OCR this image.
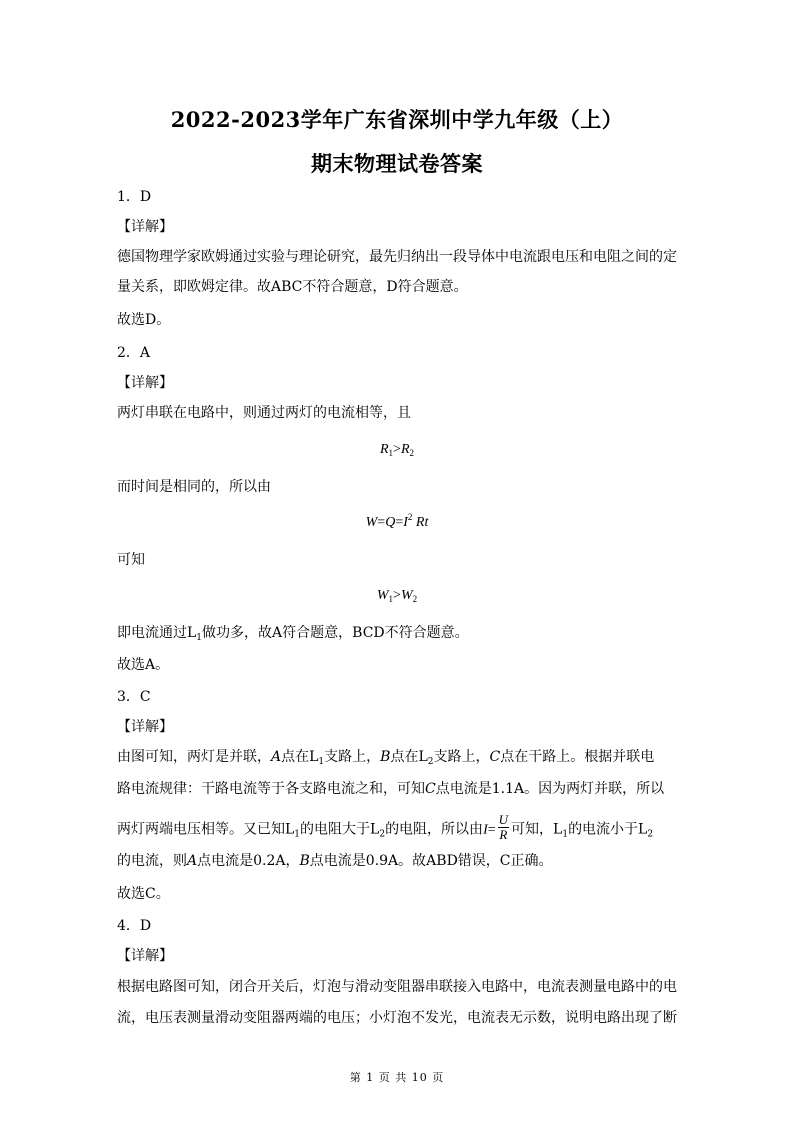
2022-2023学年广东省深圳中学九年级（上）
期末物理试卷答案
1．D
【详解】
德国物理学家欧姆通过实验与理论研究，最先归纳出一段导体中电流跟电压和电阻之间的定
量关系，即欧姆定律。故ABC不符合题意，D符合题意。
故选D。
2．A
【详解】
两灯串联在电路中，则通过两灯的电流相等，且
$R_1>R_2$
而时间是相同的，所以由
$W=Q=I^2$ Rt
可知
$W_1>W_2$
即电流通过$L_1$做功多，故A符合题意，BCD不符合题意。
故选A。
3．C
【详解】
由图可知，两灯是并联，A点在$L_1$支路上，B点在$L_2$支路上，C点在干路上。根据并联电
路电流规律：干路电流等于各支路电流之和，可知C点电流是1.1A。因为两灯并联，所以
两灯两端电压相等。又已知$L_1$的电阻大于$L_2$的电阻，所以由$I= \frac{U}{R}$ 可知，$L_1$的电流小于$L_2$
的电流，则A点电流是0.2A，B点电流是0.9A。故ABD错误，C正确。
故选C。
4．D
【详解】
根据电路图可知，闭合开关后，灯泡与滑动变阻器串联接入电路中，电流表测量电路中的电
流，电压表测量滑动变阻器两端的电压；小灯泡不发光，电流表无示数，说明电路出现了断
第 1 页 共 10 页
